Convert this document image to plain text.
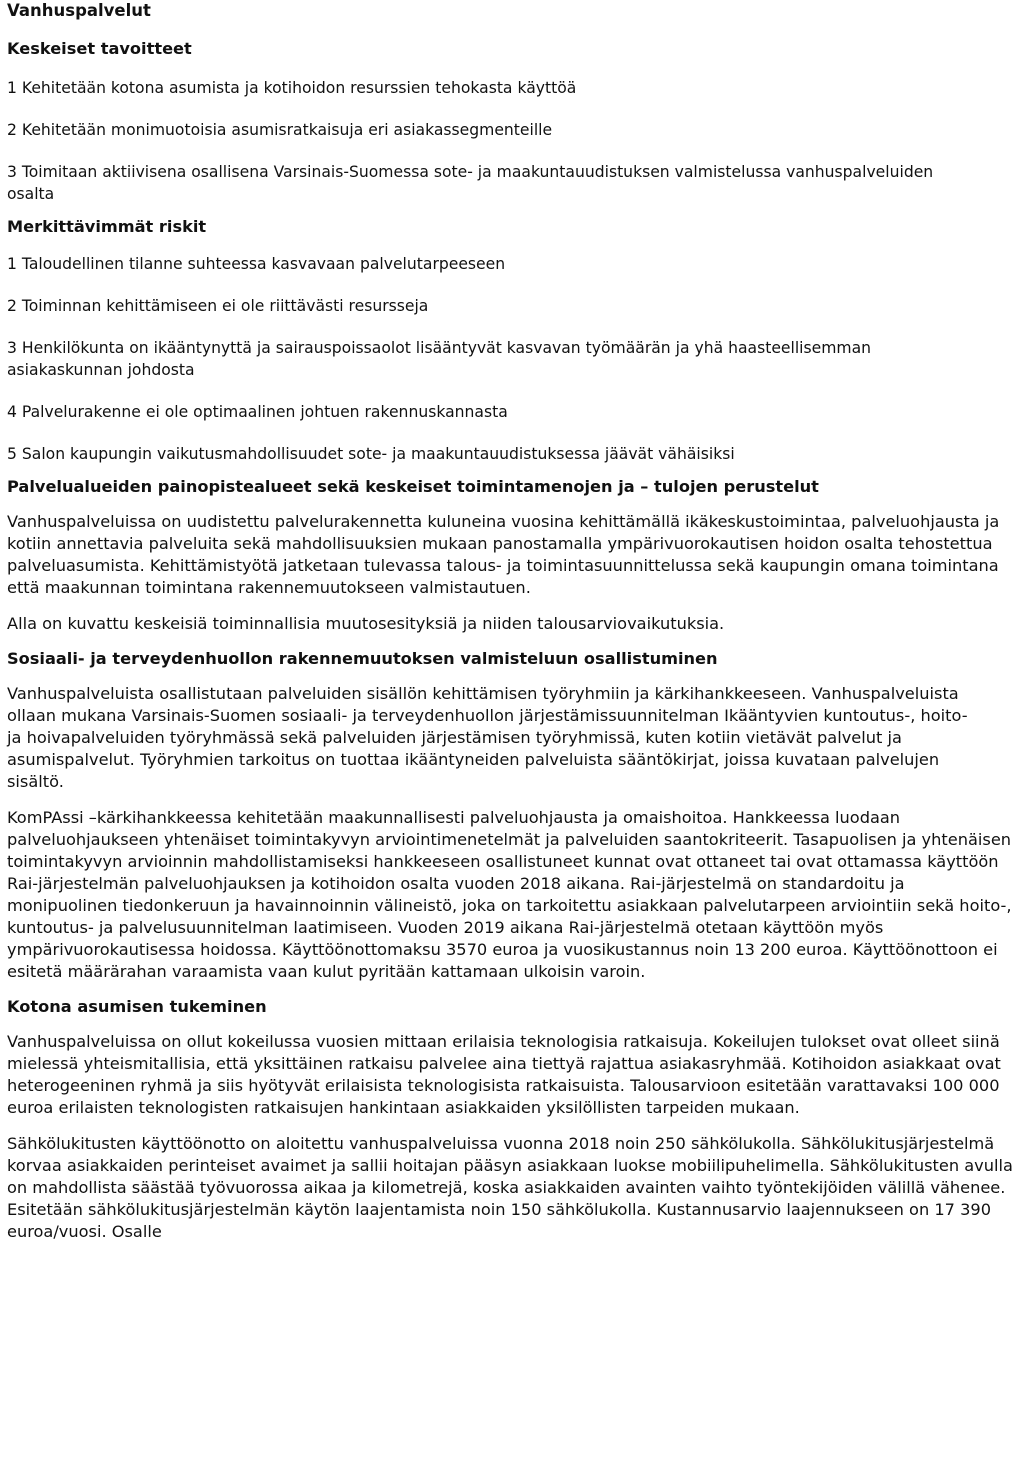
Vanhuspalvelut
Keskeiset tavoitteet

1 Kehitetään kotona asumista ja kotihoidon resurssien tehokasta käyttöä

2 Kehitetään monimuotoisia asumisratkaisuja eri asiakassegmenteille

3 Toimitaan aktiivisena osallisena Varsinais-Suomessa sote- ja maakuntauudistuksen valmistelussa vanhuspalveluiden osalta

Merkittävimmät riskit

1 Taloudellinen tilanne suhteessa kasvavaan palvelutarpeeseen

2 Toiminnan kehittämiseen ei ole riittävästi resursseja

3 Henkilökunta on ikääntynyttä ja sairauspoissaolot lisääntyvät kasvavan työmäärän ja yhä haasteellisemman asiakaskunnan johdosta

4 Palvelurakenne ei ole optimaalinen johtuen rakennuskannasta

5 Salon kaupungin vaikutusmahdollisuudet sote- ja maakuntauudistuksessa jäävät vähäisiksi

Palvelualueiden painopistealueet sekä keskeiset toimintamenojen ja – tulojen perustelut

Vanhuspalveluissa on uudistettu palvelurakennetta kuluneina vuosina kehittämällä ikäkeskustoimintaa, palveluohjausta ja kotiin annettavia palveluita sekä mahdollisuuksien mukaan panostamalla ympärivuorokautisen hoidon osalta tehostettua palveluasumista. Kehittämistyötä jatketaan tulevassa talous- ja toimintasuunnittelussa sekä kaupungin omana toimintana että maakunnan toimintana rakennemuutokseen valmistautuen.

Alla on kuvattu keskeisiä toiminnallisia muutosesityksiä ja niiden talousarviovaikutuksia.

Sosiaali- ja terveydenhuollon rakennemuutoksen valmisteluun osallistuminen

Vanhuspalveluista osallistutaan palveluiden sisällön kehittämisen työryhmiin ja kärkihankkeeseen. Vanhuspalveluista ollaan mukana Varsinais-Suomen sosiaali- ja terveydenhuollon järjestämissuunnitelman Ikääntyvien kuntoutus-, hoito- ja hoivapalveluiden työryhmässä sekä palveluiden järjestämisen työryhmissä, kuten kotiin vietävät palvelut ja asumispalvelut. Työryhmien tarkoitus on tuottaa ikääntyneiden palveluista sääntökirjat, joissa kuvataan palvelujen sisältö.

KomPAssi –kärkihankkeessa kehitetään maakunnallisesti palveluohjausta ja omaishoitoa. Hankkeessa luodaan palveluohjaukseen yhtenäiset toimintakyvyn arviointimenetelmät ja palveluiden saantokriteerit. Tasapuolisen ja yhtenäisen toimintakyvyn arvioinnin mahdollistamiseksi hankkeeseen osallistuneet kunnat ovat ottaneet tai ovat ottamassa käyttöön Rai-järjestelmän palveluohjauksen ja kotihoidon osalta vuoden 2018 aikana. Rai-järjestelmä on standardoitu ja monipuolinen tiedonkeruun ja havainnoinnin välineistö, joka on tarkoitettu asiakkaan palvelutarpeen arviointiin sekä hoito-, kuntoutus- ja palvelusuunnitelman laatimiseen. Vuoden 2019 aikana Rai-järjestelmä otetaan käyttöön myös ympärivuorokautisessa hoidossa. Käyttöönottomaksu 3570 euroa ja vuosikustannus noin 13 200 euroa. Käyttöönottoon ei esitetä määrärahan varaamista vaan kulut pyritään kattamaan ulkoisin varoin.

Kotona asumisen tukeminen

Vanhuspalveluissa on ollut kokeilussa vuosien mittaan erilaisia teknologisia ratkaisuja. Kokeilujen tulokset ovat olleet siinä mielessä yhteismitallisia, että yksittäinen ratkaisu palvelee aina tiettyä rajattua asiakasryhmää. Kotihoidon asiakkaat ovat heterogeeninen ryhmä ja siis hyötyvät erilaisista teknologisista ratkaisuista. Talousarvioon esitetään varattavaksi 100 000 euroa erilaisten teknologisten ratkaisujen hankintaan asiakkaiden yksilöllisten tarpeiden mukaan.

Sähkölukitusten käyttöönotto on aloitettu vanhuspalveluissa vuonna 2018 noin 250 sähkölukolla. Sähkölukitusjärjestelmä korvaa asiakkaiden perinteiset avaimet ja sallii hoitajan pääsyn asiakkaan luokse mobiilipuhelimella. Sähkölukitusten avulla on mahdollista säästää työvuorossa aikaa ja kilometrejä, koska asiakkaiden avainten vaihto työntekijöiden välillä vähenee. Esitetään sähkölukitusjärjestelmän käytön laajentamista noin 150 sähkölukolla. Kustannusarvio laajennukseen on 17 390 euroa/vuosi. Osalle
